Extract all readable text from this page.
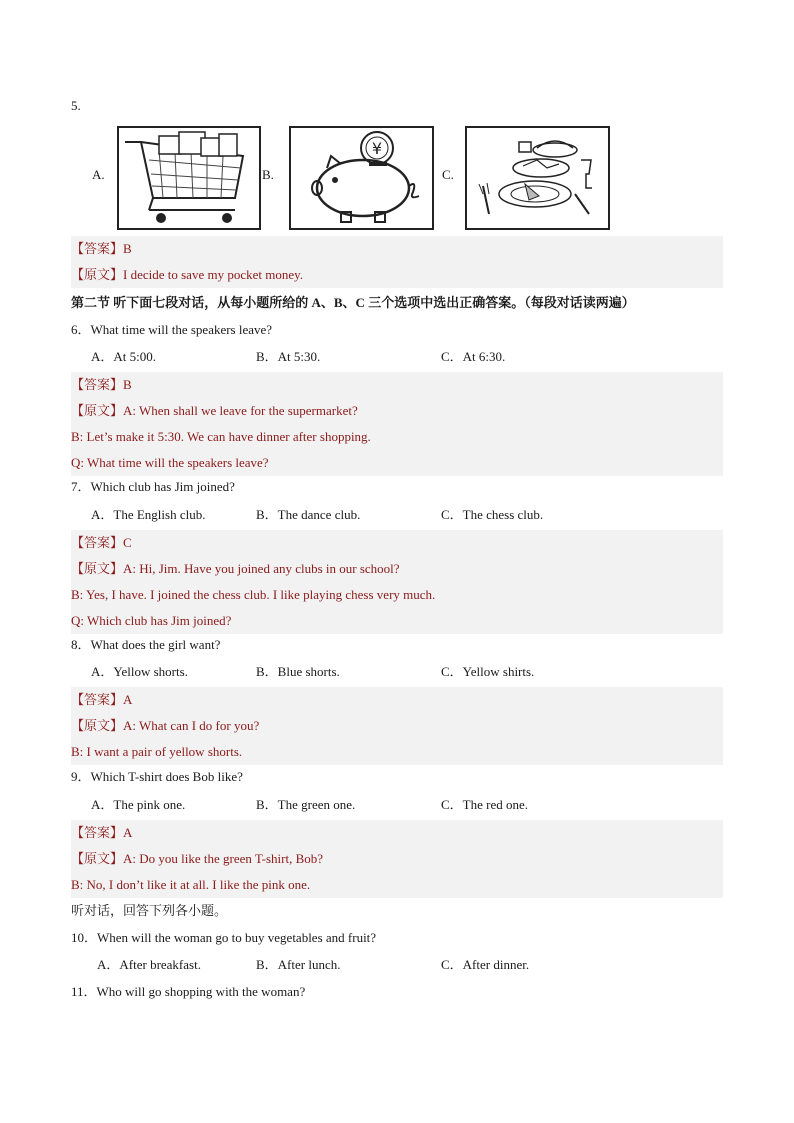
5.
A.	B.
¥
C.
【答案】B
【原文】I decide to save my pocket money.
第二节 听下面七段对话，从每小题所给的 A、B、C 三个选项中选出正确答案。（每段对话读两遍）
6．What time will the speakers leave?
A．At 5:00.	B．At 5:30.	C．At 6:30.
【答案】B
【原文】A: When shall we leave for the supermarket?
B: Let’s make it 5:30. We can have dinner after shopping.
Q: What time will the speakers leave?
7．Which club has Jim joined?
A．The English club.	B．The dance club.	C．The chess club.
【答案】C
【原文】A: Hi, Jim. Have you joined any clubs in our school?
B: Yes, I have. I joined the chess club. I like playing chess very much.
Q: Which club has Jim joined?
8．What does the girl want?
A．Yellow shorts.	B．Blue shorts.	C．Yellow shirts.
【答案】A
【原文】A: What can I do for you?
B: I want a pair of yellow shorts.
9．Which T-shirt does Bob like?
A．The pink one.	B．The green one.	C．The red one.
【答案】A
【原文】A: Do you like the green T-shirt, Bob?
B: No, I don’t like it at all. I like the pink one.
听对话，回答下列各小题。
10．When will the woman go to buy vegetables and fruit?
A．After breakfast.	B．After lunch.	C．After dinner.
11．Who will go shopping with the woman?
